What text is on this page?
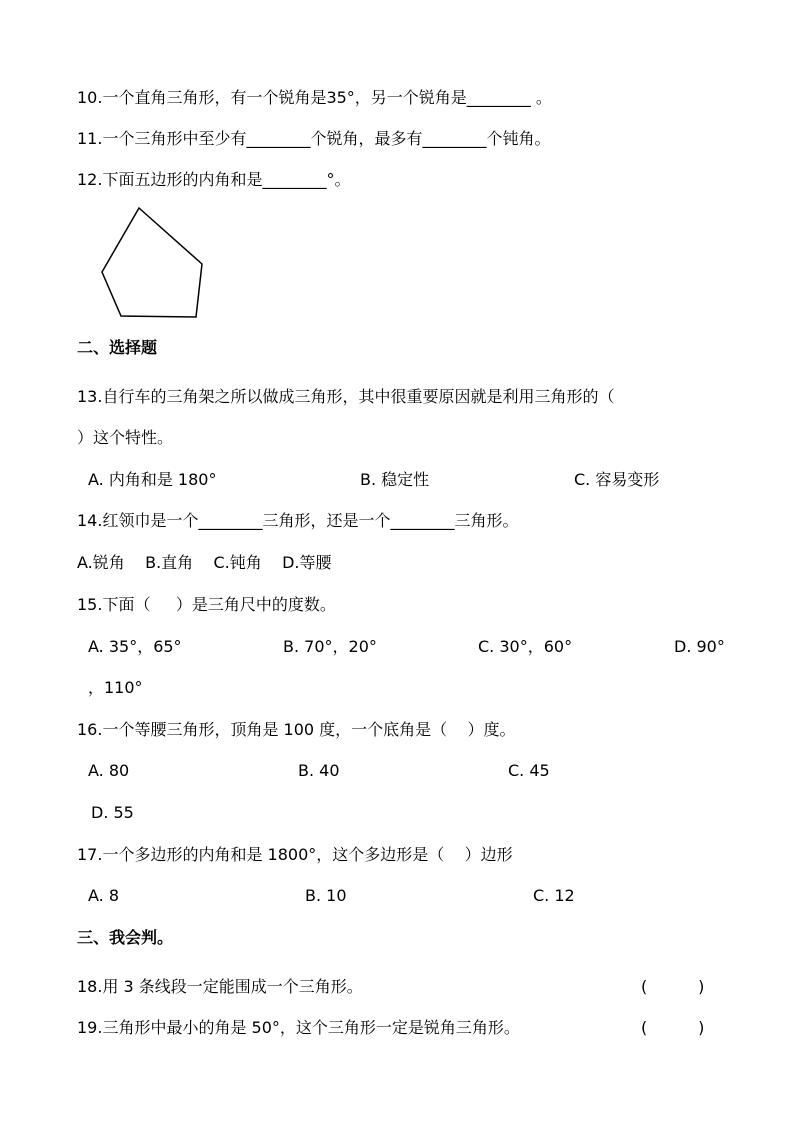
10.一个直角三角形，有一个锐角是35°，另一个锐角是________ 。
11.一个三角形中至少有________个锐角，最多有________个钝角。
12.下面五边形的内角和是________°。
二、选择题
13.自行车的三角架之所以做成三角形，其中很重要原因就是利用三角形的（
）这个特性。
A. 内角和是 180°	B. 稳定性	C. 容易变形
14.红领巾是一个________三角形，还是一个________三角形。
A.锐角    B.直角    C.钝角    D.等腰
15.下面（     ）是三角尺中的度数。
A. 35°，65°	B. 70°，20°	C. 30°，60°	D. 90°
，110°
16.一个等腰三角形，顶角是 100 度，一个底角是（    ）度。
A. 80	B. 40	C. 45
D. 55
17.一个多边形的内角和是 1800°，这个多边形是（    ）边形
A. 8	B. 10	C. 12
三、我会判。
18.用 3 条线段一定能围成一个三角形。	(          )
19.三角形中最小的角是 50°，这个三角形一定是锐角三角形。	(          )
